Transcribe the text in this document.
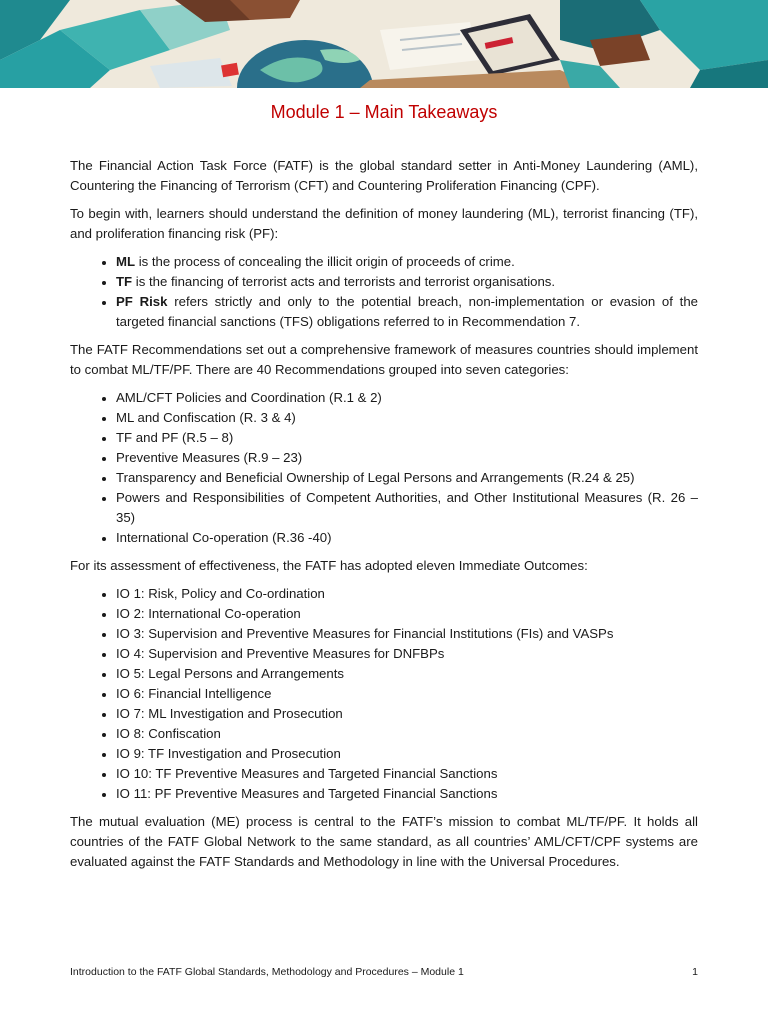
Module 1 – Main Takeaways

The Financial Action Task Force (FATF) is the global standard setter in Anti-Money Laundering (AML), Countering the Financing of Terrorism (CFT) and Countering Proliferation Financing (CPF).

To begin with, learners should understand the definition of money laundering (ML), terrorist financing (TF), and proliferation financing risk (PF):

• ML is the process of concealing the illicit origin of proceeds of crime.
• TF is the financing of terrorist acts and terrorists and terrorist organisations.
• PF Risk refers strictly and only to the potential breach, non-implementation or evasion of the targeted financial sanctions (TFS) obligations referred to in Recommendation 7.

The FATF Recommendations set out a comprehensive framework of measures countries should implement to combat ML/TF/PF. There are 40 Recommendations grouped into seven categories:

• AML/CFT Policies and Coordination (R.1 & 2)
• ML and Confiscation (R. 3 & 4)
• TF and PF (R.5 – 8)
• Preventive Measures (R.9 – 23)
• Transparency and Beneficial Ownership of Legal Persons and Arrangements (R.24 & 25)
• Powers and Responsibilities of Competent Authorities, and Other Institutional Measures (R. 26 – 35)
• International Co-operation (R.36 -40)

For its assessment of effectiveness, the FATF has adopted eleven Immediate Outcomes:

• IO 1: Risk, Policy and Co-ordination
• IO 2: International Co-operation
• IO 3: Supervision and Preventive Measures for Financial Institutions (FIs) and VASPs
• IO 4: Supervision and Preventive Measures for DNFBPs
• IO 5: Legal Persons and Arrangements
• IO 6: Financial Intelligence
• IO 7: ML Investigation and Prosecution
• IO 8: Confiscation
• IO 9: TF Investigation and Prosecution
• IO 10: TF Preventive Measures and Targeted Financial Sanctions
• IO 11: PF Preventive Measures and Targeted Financial Sanctions

The mutual evaluation (ME) process is central to the FATF’s mission to combat ML/TF/PF. It holds all countries of the FATF Global Network to the same standard, as all countries’ AML/CFT/CPF systems are evaluated against the FATF Standards and Methodology in line with the Universal Procedures.

Introduction to the FATF Global Standards, Methodology and Procedures – Module 1	1
